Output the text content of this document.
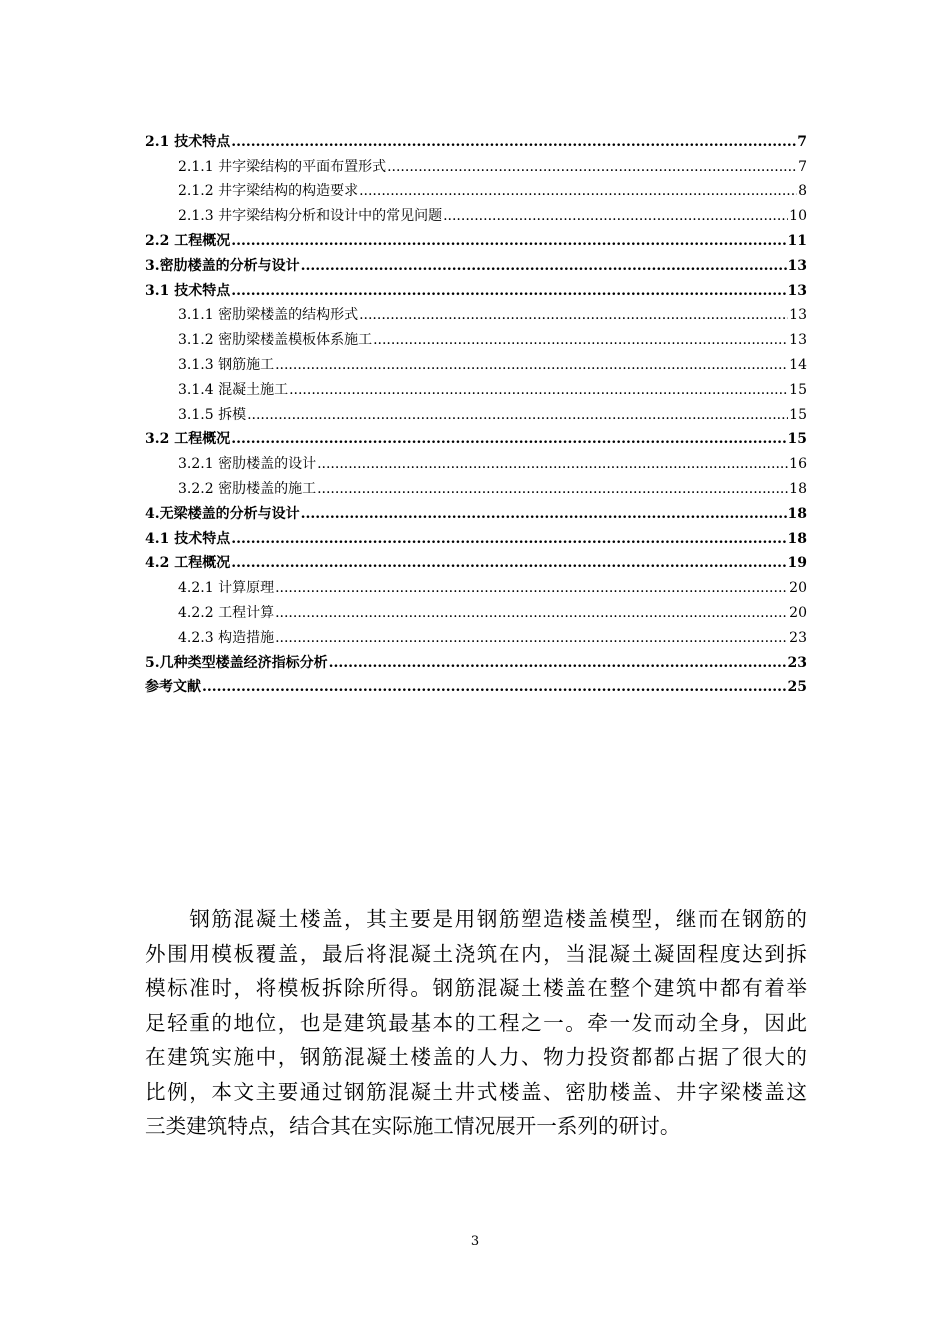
2.1 技术特点 .....	7
2.1.1 井字梁结构的平面布置形式 .....	7
2.1.2 井字梁结构的构造要求 .....	8
2.1.3 井字梁结构分析和设计中的常见问题 .....	10
2.2 工程概况 .....	11
3.密肋楼盖的分析与设计 .....	13
3.1 技术特点 .....	13
3.1.1 密肋梁楼盖的结构形式 .....	13
3.1.2 密肋梁楼盖模板体系施工 .....	13
3.1.3 钢筋施工 .....	14
3.1.4 混凝土施工 .....	15
3.1.5 拆模 .....	15
3.2 工程概况 .....	15
3.2.1 密肋楼盖的设计 .....	16
3.2.2 密肋楼盖的施工 .....	18
4.无梁楼盖的分析与设计 .....	18
4.1 技术特点 .....	18
4.2 工程概况 .....	19
4.2.1 计算原理 .....	20
4.2.2 工程计算 .....	20
4.2.3 构造措施 .....	23
5.几种类型楼盖经济指标分析 .....	23
参考文献 .....	25
　　钢筋混凝土楼盖，其主要是用钢筋塑造楼盖模型，继而在钢筋的
外围用模板覆盖，最后将混凝土浇筑在内，当混凝土凝固程度达到拆
模标准时，将模板拆除所得。钢筋混凝土楼盖在整个建筑中都有着举
足轻重的地位，也是建筑最基本的工程之一。牵一发而动全身，因此
在建筑实施中，钢筋混凝土楼盖的人力、物力投资都都占据了很大的
比例，本文主要通过钢筋混凝土井式楼盖、密肋楼盖、井字梁楼盖这
三类建筑特点，结合其在实际施工情况展开一系列的研讨。
3
